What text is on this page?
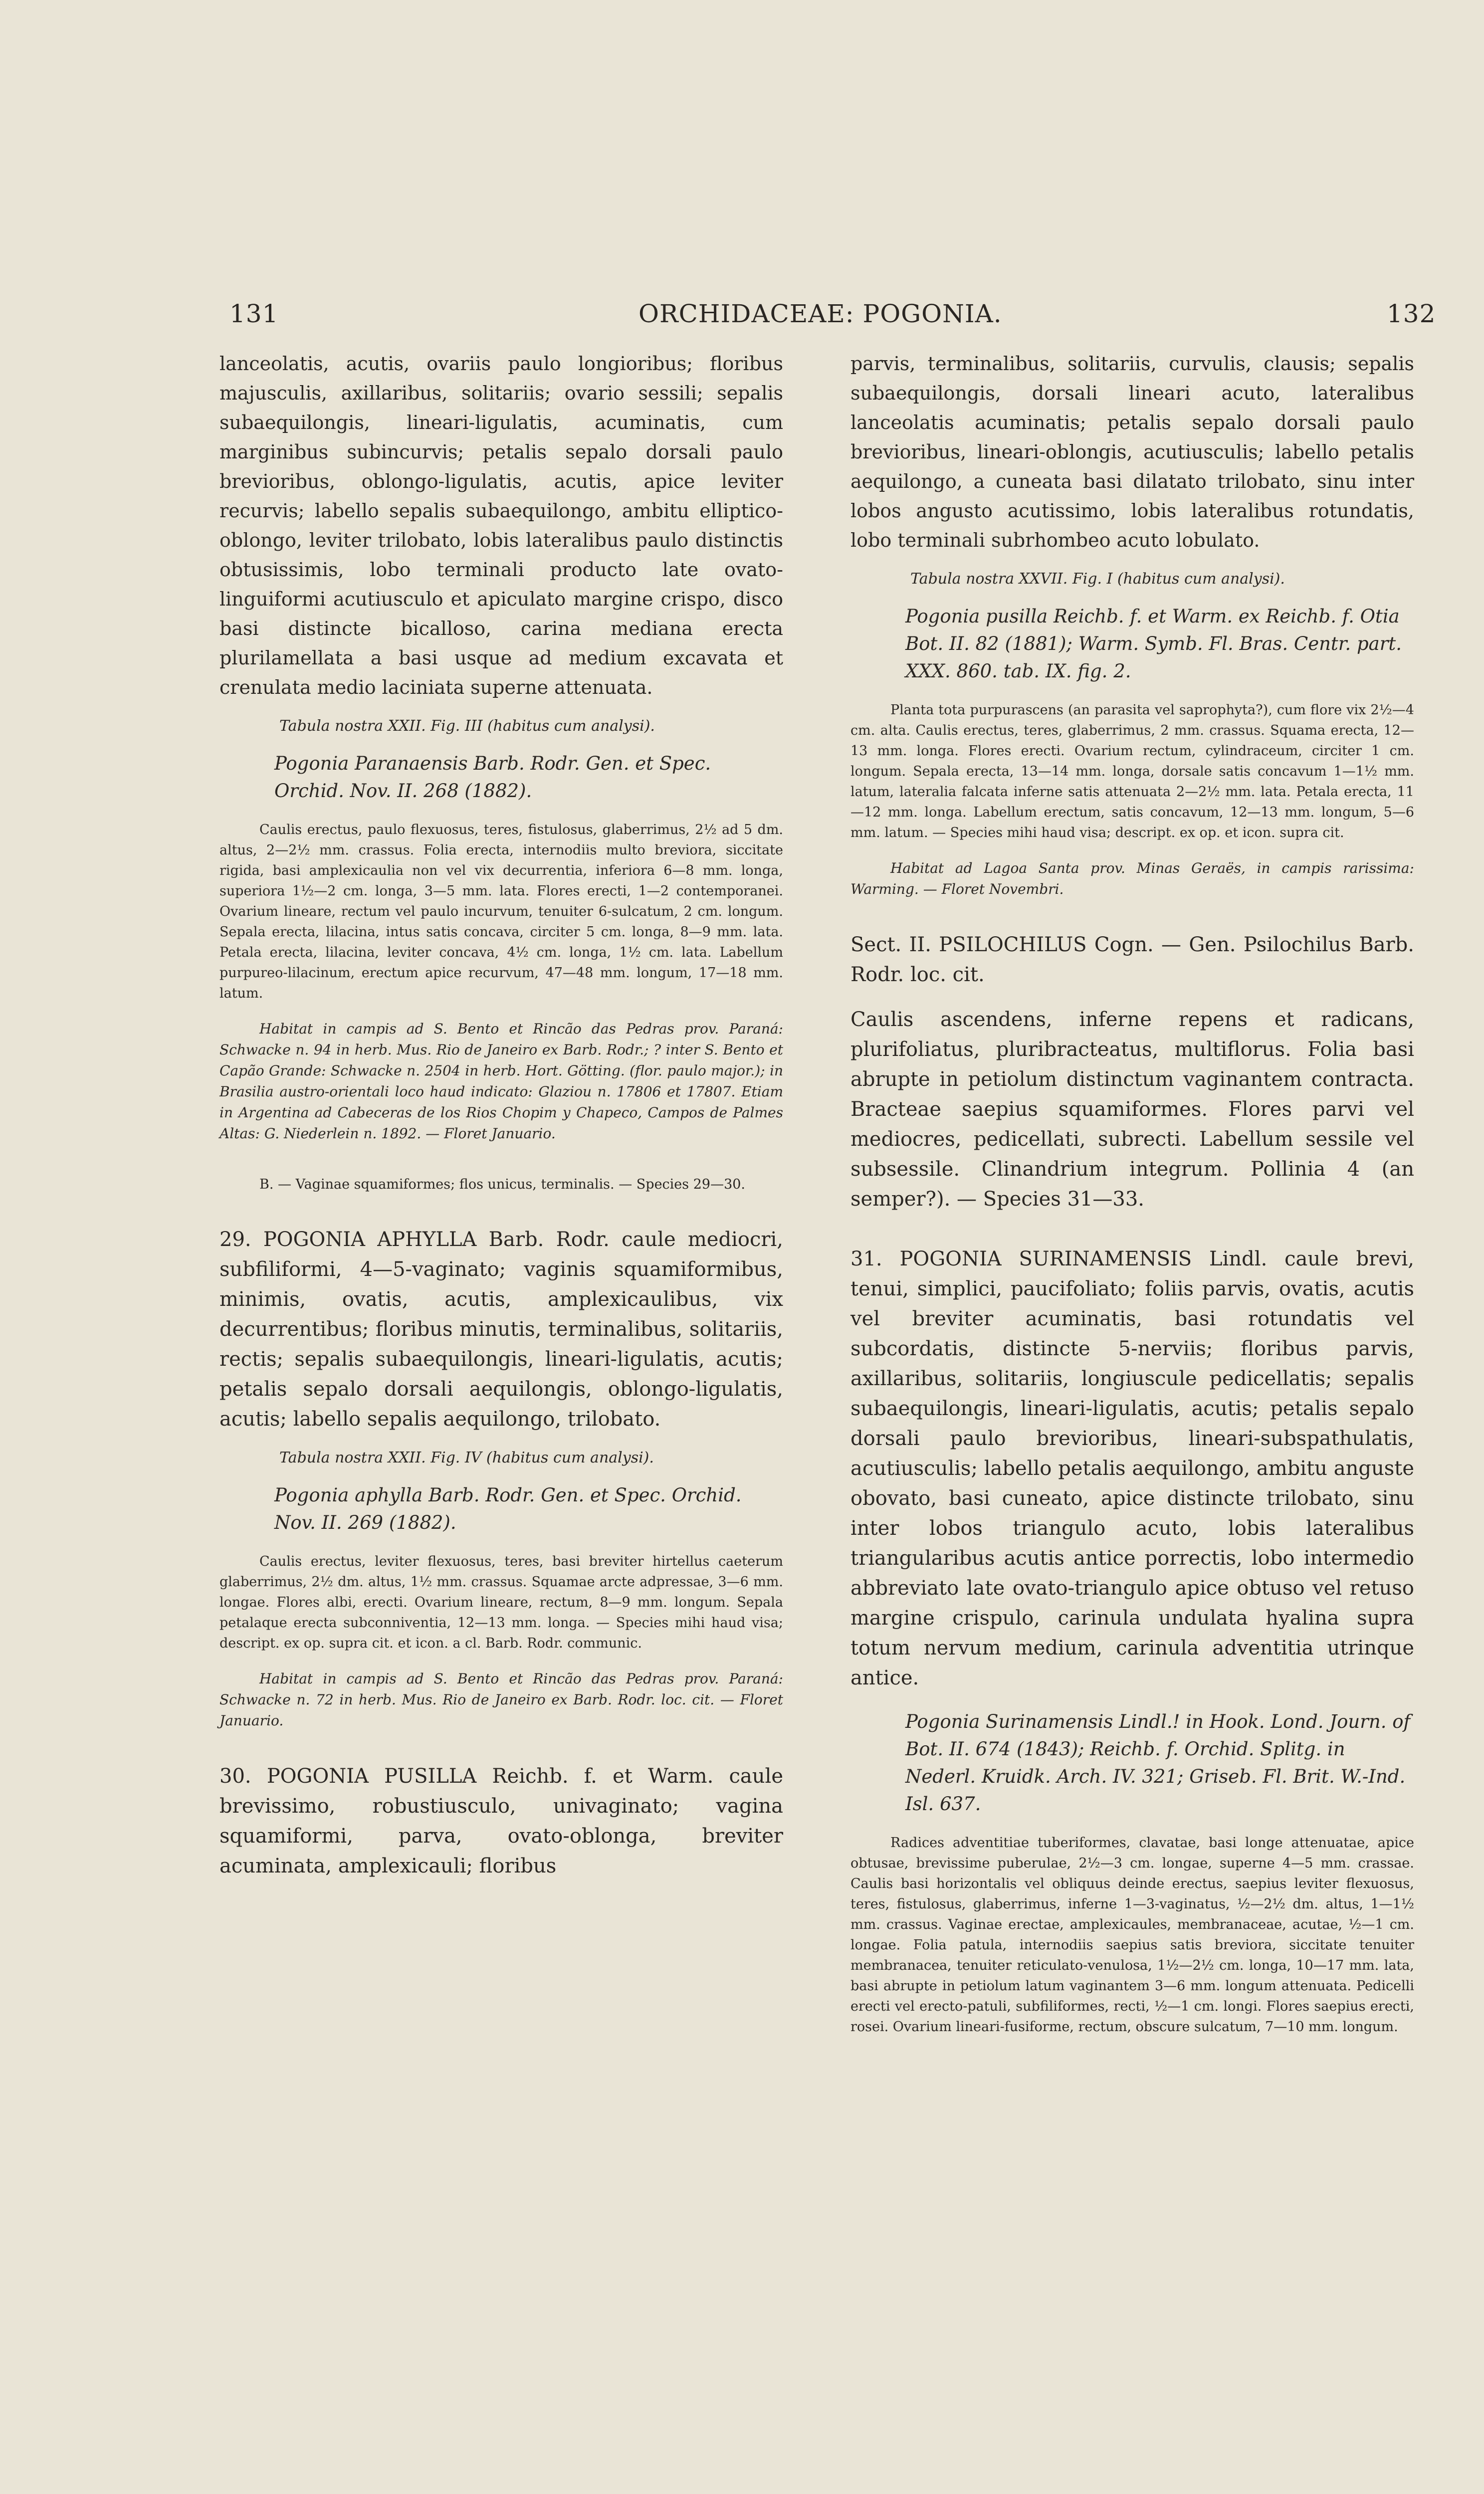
131	ORCHIDACEAE: POGONIA.	132

lanceolatis, acutis, ovariis paulo longioribus; floribus majusculis, axillaribus, solitariis; ovario sessili; sepalis subaequilongis, lineari-ligulatis, acuminatis, cum marginibus subincurvis; petalis sepalo dorsali paulo brevioribus, oblongo-ligulatis, acutis, apice leviter recurvis; labello sepalis subaequilongo, ambitu elliptico-oblongo, leviter trilobato, lobis lateralibus paulo distinctis obtusissimis, lobo terminali producto late ovato-linguiformi acutiusculo et apiculato margine crispo, disco basi distincte bicalloso, carina mediana erecta plurilamellata a basi usque ad medium excavata et crenulata medio laciniata superne attenuata.

Tabula nostra XXII. Fig. III (habitus cum analysi).

Pogonia Paranaensis Barb. Rodr. Gen. et Spec. Orchid. Nov. II. 268 (1882).

Caulis erectus, paulo flexuosus, teres, fistulosus, glaberrimus, 2½ ad 5 dm. altus, 2—2½ mm. crassus. Folia erecta, internodiis multo breviora, siccitate rigida, basi amplexicaulia non vel vix decurrentia, inferiora 6—8 mm. longa, superiora 1½—2 cm. longa, 3—5 mm. lata. Flores erecti, 1—2 contemporanei. Ovarium lineare, rectum vel paulo incurvum, tenuiter 6-sulcatum, 2 cm. longum. Sepala erecta, lilacina, intus satis concava, circiter 5 cm. longa, 8—9 mm. lata. Petala erecta, lilacina, leviter concava, 4½ cm. longa, 1½ cm. lata. Labellum purpureo-lilacinum, erectum apice recurvum, 47—48 mm. longum, 17—18 mm. latum.

Habitat in campis ad S. Bento et Rincão das Pedras prov. Paraná: Schwacke n. 94 in herb. Mus. Rio de Janeiro ex Barb. Rodr.; ? inter S. Bento et Capão Grande: Schwacke n. 2504 in herb. Hort. Götting. (flor. paulo major.); in Brasilia austro-orientali loco haud indicato: Glaziou n. 17806 et 17807. Etiam in Argentina ad Cabeceras de los Rios Chopim y Chapeco, Campos de Palmes Altas: G. Niederlein n. 1892. — Floret Januario.

B. — Vaginae squamiformes; flos unicus, terminalis. — Species 29—30.

29. POGONIA APHYLLA Barb. Rodr. caule mediocri, subfiliformi, 4—5-vaginato; vaginis squamiformibus, minimis, ovatis, acutis, amplexicaulibus, vix decurrentibus; floribus minutis, terminalibus, solitariis, rectis; sepalis subaequilongis, lineari-ligulatis, acutis; petalis sepalo dorsali aequilongis, oblongo-ligulatis, acutis; labello sepalis aequilongo, trilobato.

Tabula nostra XXII. Fig. IV (habitus cum analysi).

Pogonia aphylla Barb. Rodr. Gen. et Spec. Orchid. Nov. II. 269 (1882).

Caulis erectus, leviter flexuosus, teres, basi breviter hirtellus caeterum glaberrimus, 2½ dm. altus, 1½ mm. crassus. Squamae arcte adpressae, 3—6 mm. longae. Flores albi, erecti. Ovarium lineare, rectum, 8—9 mm. longum. Sepala petalaque erecta subconniventia, 12—13 mm. longa. — Species mihi haud visa; descript. ex op. supra cit. et icon. a cl. Barb. Rodr. communic.

Habitat in campis ad S. Bento et Rincão das Pedras prov. Paraná: Schwacke n. 72 in herb. Mus. Rio de Janeiro ex Barb. Rodr. loc. cit. — Floret Januario.

30. POGONIA PUSILLA Reichb. f. et Warm. caule brevissimo, robustiusculo, univaginato; vagina squamiformi, parva, ovato-oblonga, breviter acuminata, amplexicauli; floribus

parvis, terminalibus, solitariis, curvulis, clausis; sepalis subaequilongis, dorsali lineari acuto, lateralibus lanceolatis acuminatis; petalis sepalo dorsali paulo brevioribus, lineari-oblongis, acutiusculis; labello petalis aequilongo, a cuneata basi dilatato trilobato, sinu inter lobos angusto acutissimo, lobis lateralibus rotundatis, lobo terminali subrhombeo acuto lobulato.

Tabula nostra XXVII. Fig. I (habitus cum analysi).

Pogonia pusilla Reichb. f. et Warm. ex Reichb. f. Otia Bot. II. 82 (1881); Warm. Symb. Fl. Bras. Centr. part. XXX. 860. tab. IX. fig. 2.

Planta tota purpurascens (an parasita vel saprophyta?), cum flore vix 2½—4 cm. alta. Caulis erectus, teres, glaberrimus, 2 mm. crassus. Squama erecta, 12—13 mm. longa. Flores erecti. Ovarium rectum, cylindraceum, circiter 1 cm. longum. Sepala erecta, 13—14 mm. longa, dorsale satis concavum 1—1½ mm. latum, lateralia falcata inferne satis attenuata 2—2½ mm. lata. Petala erecta, 11—12 mm. longa. Labellum erectum, satis concavum, 12—13 mm. longum, 5—6 mm. latum. — Species mihi haud visa; descript. ex op. et icon. supra cit.

Habitat ad Lagoa Santa prov. Minas Geraës, in campis rarissima: Warming. — Floret Novembri.

Sect. II. PSILOCHILUS Cogn. — Gen. Psilochilus Barb. Rodr. loc. cit.

Caulis ascendens, inferne repens et radicans, plurifoliatus, pluribracteatus, multiflorus. Folia basi abrupte in petiolum distinctum vaginantem contracta. Bracteae saepius squamiformes. Flores parvi vel mediocres, pedicellati, subrecti. Labellum sessile vel subsessile. Clinandrium integrum. Pollinia 4 (an semper?). — Species 31—33.

31. POGONIA SURINAMENSIS Lindl. caule brevi, tenui, simplici, paucifoliato; foliis parvis, ovatis, acutis vel breviter acuminatis, basi rotundatis vel subcordatis, distincte 5-nerviis; floribus parvis, axillaribus, solitariis, longiuscule pedicellatis; sepalis subaequilongis, lineari-ligulatis, acutis; petalis sepalo dorsali paulo brevioribus, lineari-subspathulatis, acutiusculis; labello petalis aequilongo, ambitu anguste obovato, basi cuneato, apice distincte trilobato, sinu inter lobos triangulo acuto, lobis lateralibus triangularibus acutis antice porrectis, lobo intermedio abbreviato late ovato-triangulo apice obtuso vel retuso margine crispulo, carinula undulata hyalina supra totum nervum medium, carinula adventitia utrinque antice.

Pogonia Surinamensis Lindl.! in Hook. Lond. Journ. of Bot. II. 674 (1843); Reichb. f. Orchid. Splitg. in Nederl. Kruidk. Arch. IV. 321; Griseb. Fl. Brit. W.-Ind. Isl. 637.

Radices adventitiae tuberiformes, clavatae, basi longe attenuatae, apice obtusae, brevissime puberulae, 2½—3 cm. longae, superne 4—5 mm. crassae. Caulis basi horizontalis vel obliquus deinde erectus, saepius leviter flexuosus, teres, fistulosus, glaberrimus, inferne 1—3-vaginatus, ½—2½ dm. altus, 1—1½ mm. crassus. Vaginae erectae, amplexicaules, membranaceae, acutae, ½—1 cm. longae. Folia patula, internodiis saepius satis breviora, siccitate tenuiter membranacea, tenuiter reticulato-venulosa, 1½—2½ cm. longa, 10—17 mm. lata, basi abrupte in petiolum latum vaginantem 3—6 mm. longum attenuata. Pedicelli erecti vel erecto-patuli, subfiliformes, recti, ½—1 cm. longi. Flores saepius erecti, rosei. Ovarium lineari-fusiforme, rectum, obscure sulcatum, 7—10 mm. longum.
